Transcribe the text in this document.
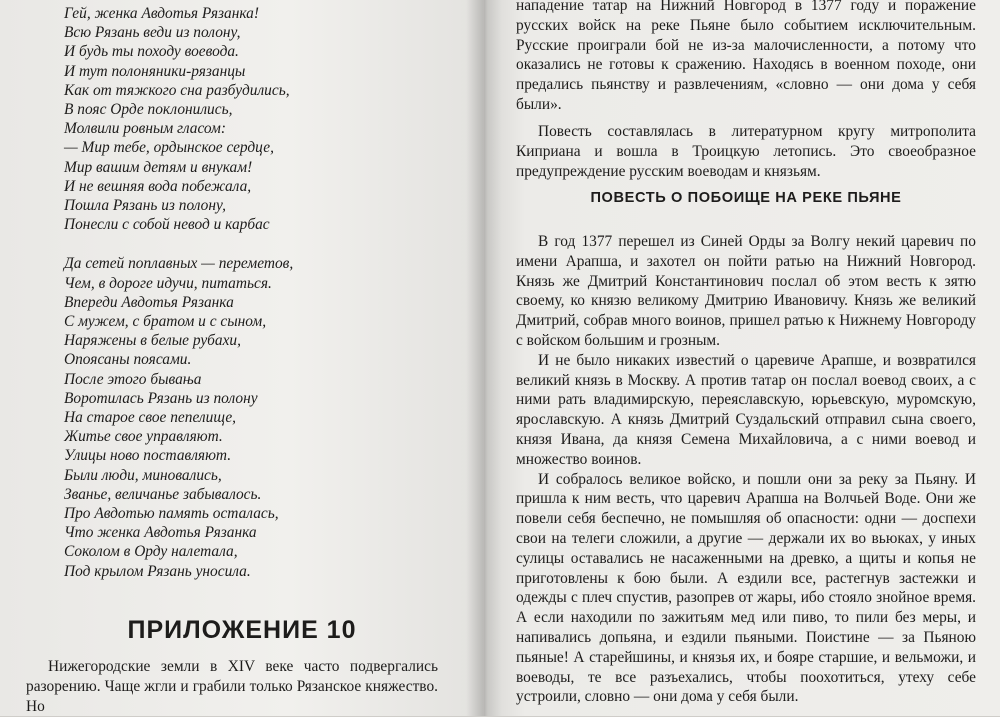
Гей, женка Авдотья Рязанка!
Всю Рязань веди из полону,
И будь ты походу воевода.
И тут полоняники-рязанцы
Как от тяжкого сна разбудились,
В пояс Орде поклонились,
Молвили ровным гласом:
— Мир тебе, ордынское сердце,
Мир вашим детям и внукам!
И не вешняя вода побежала,
Пошла Рязань из полону,
Понесли с собой невод и карбас
Да сетей поплавных — переметов,
Чем, в дороге идучи, питаться.
Впереди Авдотья Рязанка
С мужем, с братом и с сыном,
Наряжены в белые рубахи,
Опоясаны поясами.
После этого бывања
Воротилась Рязань из полону
На старое свое пепелище,
Житье свое управляют.
Улицы ново поставляют.
Были люди, миновались,
Званье, величанье забывалось.
Про Авдотью память осталась,
Что женка Авдотья Рязанка
Соколом в Орду налетала,
Под крылом Рязань уносила.
ПРИЛОЖЕНИЕ 10
Нижегородские земли в XIV веке часто подвергались разорению. Чаще жгли и грабили только Рязанское княжество. Но

нападение татар на Нижний Новгород в 1377 году и поражение русских войск на реке Пьяне было событием исключительным. Русские проиграли бой не из-за малочисленности, а потому что оказались не готовы к сражению. Находясь в военном походе, они предались пьянству и развлечениям, «словно — они дома у себя были».

Повесть составлялась в литературном кругу митрополита Киприана и вошла в Троицкую летопись. Это своеобразное предупреждение русским воеводам и князьям.

ПОВЕСТЬ О ПОБОИЩЕ НА РЕКЕ ПЬЯНЕ

В год 1377 перешел из Синей Орды за Волгу некий царевич по имени Арапша, и захотел он пойти ратью на Нижний Новгород. Князь же Дмитрий Константинович послал об этом весть к зятю своему, ко князю великому Дмитрию Ивановичу. Князь же великий Дмитрий, собрав много воинов, пришел ратью к Нижнему Новгороду с войском большим и грозным.

И не было никаких известий о царевиче Арапше, и возвратился великий князь в Москву. А против татар он послал воевод своих, а с ними рать владимирскую, переяславскую, юрьевскую, муромскую, ярославскую. А князь Дмитрий Суздальский отправил сына своего, князя Ивана, да князя Семена Михайловича, а с ними воевод и множество воинов.

И собралось великое войско, и пошли они за реку за Пьяну. И пришла к ним весть, что царевич Арапша на Волчьей Воде. Они же повели себя беспечно, не помышляя об опасности: одни — доспехи свои на телеги сложили, а другие — держали их во вьюках, у иных сулицы оставались не насаженными на древко, а щиты и копья не приготовлены к бою были. А ездили все, растегнув застежки и одежды с плеч спустив, разопрев от жары, ибо стояло знойное время. А если находили по зажитьям мед или пиво, то пили без меры, и напивались допьяна, и ездили пьяными. Поистине — за Пьяною пьяные! А старейшины, и князья их, и бояре старшие, и вельможи, и воеводы, те все разъехались, чтобы поохотиться, утеху себе устроили, словно — они дома у себя были.
